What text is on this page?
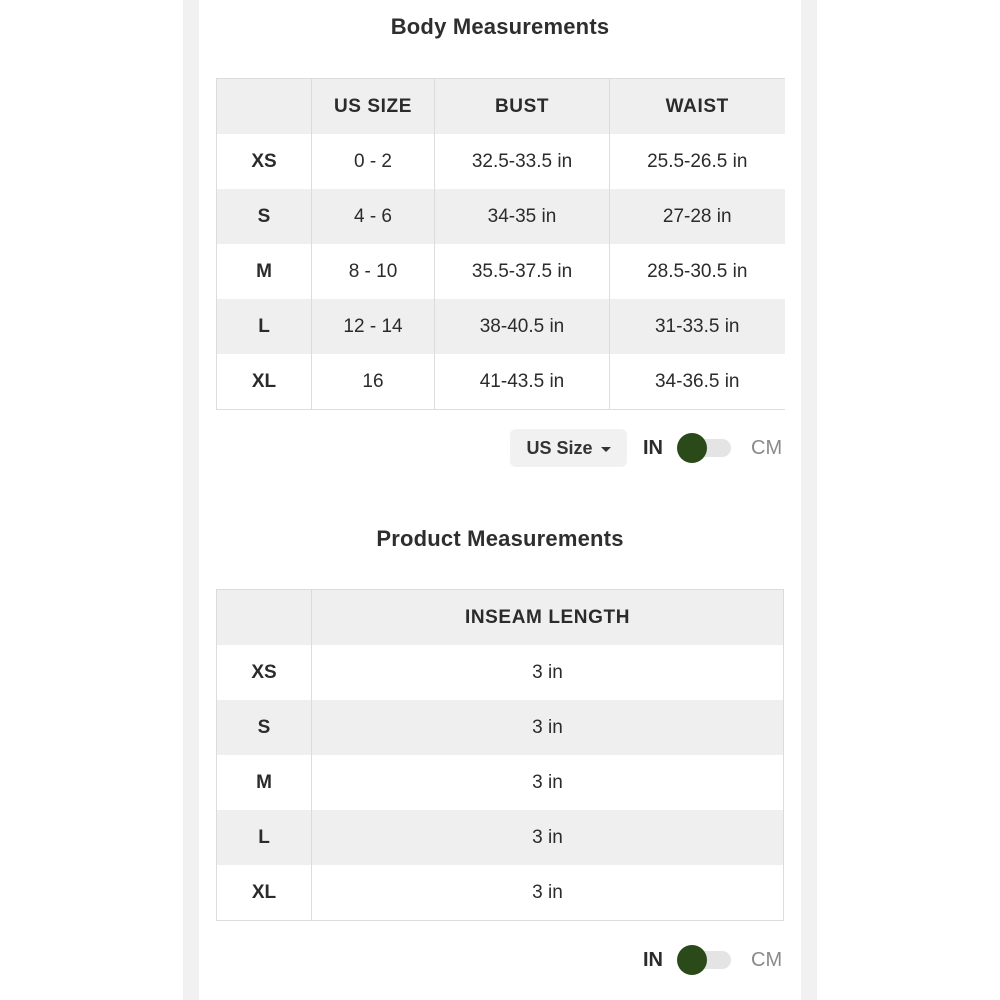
Body Measurements
	US SIZE	BUST	WAIST
XS	0 - 2	32.5-33.5 in	25.5-26.5 in
S	4 - 6	34-35 in	27-28 in
M	8 - 10	35.5-37.5 in	28.5-30.5 in
L	12 - 14	38-40.5 in	31-33.5 in
XL	16	41-43.5 in	34-36.5 in
US Size	IN	CM
Product Measurements
	INSEAM LENGTH
XS	3 in
S	3 in
M	3 in
L	3 in
XL	3 in
IN	CM
